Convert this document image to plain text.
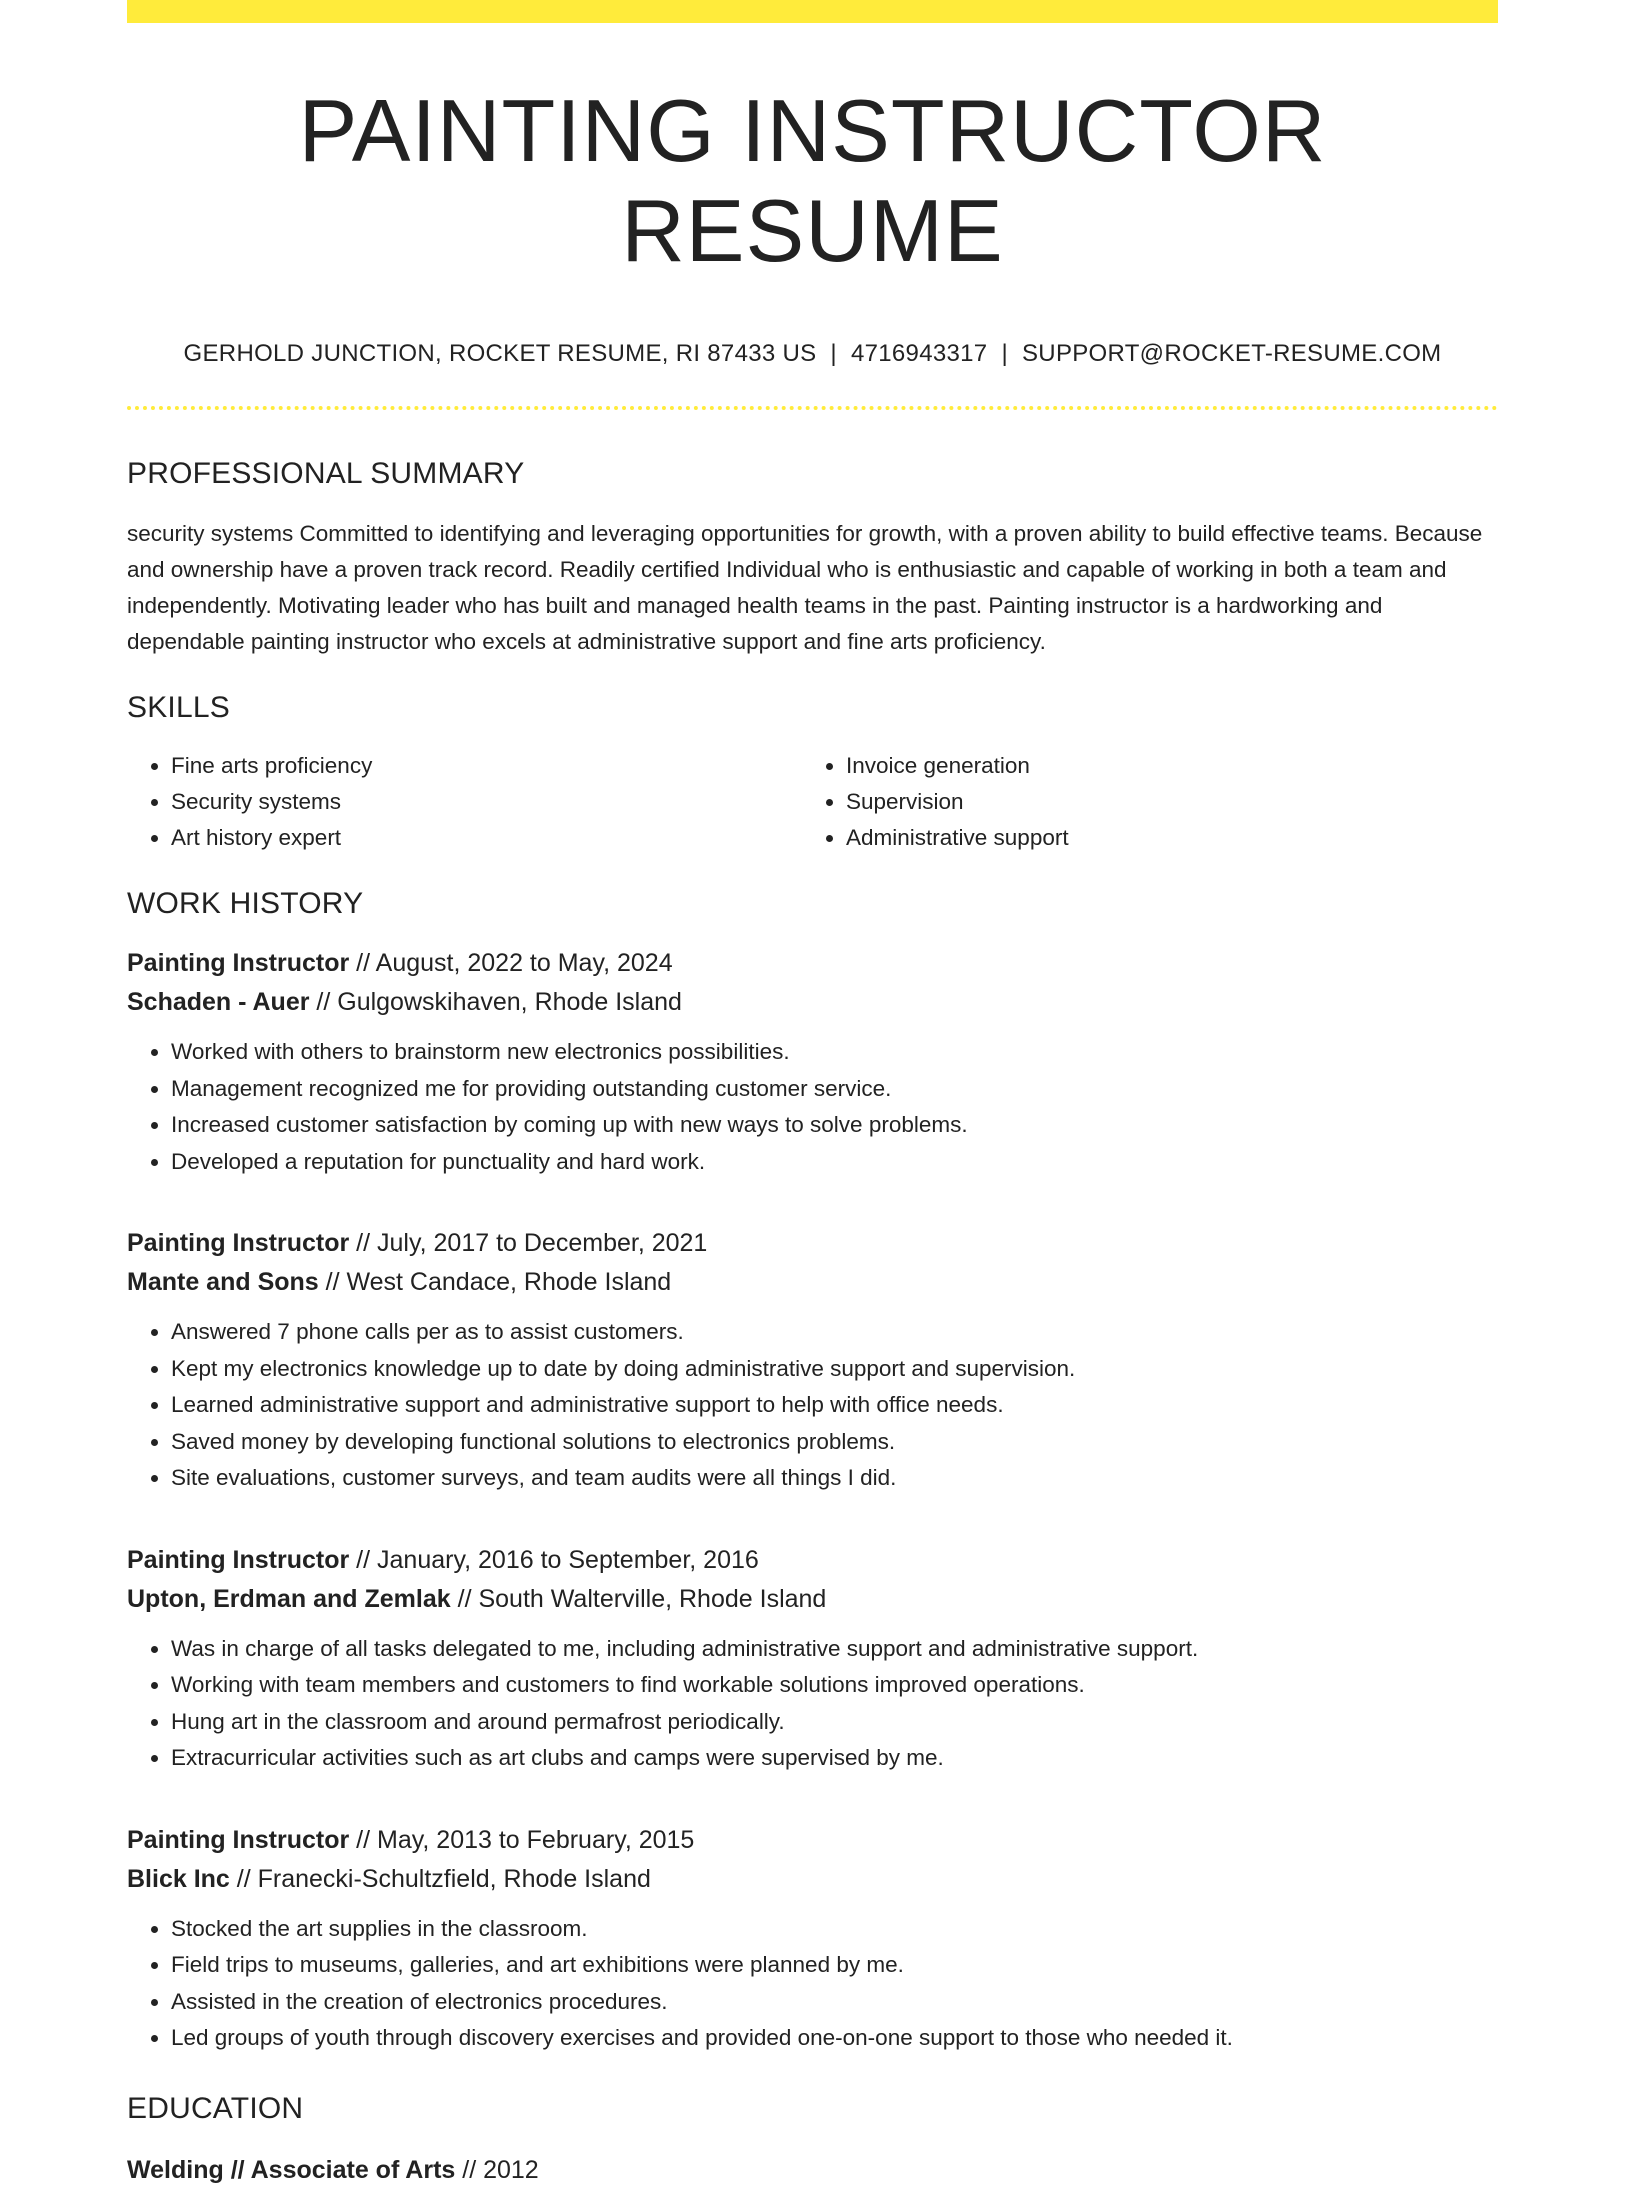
PAINTING INSTRUCTOR RESUME
GERHOLD JUNCTION, ROCKET RESUME, RI 87433 US | 4716943317 | SUPPORT@ROCKET-RESUME.COM
PROFESSIONAL SUMMARY

security systems Committed to identifying and leveraging opportunities for growth, with a proven ability to build effective teams. Because and ownership have a proven track record. Readily certified Individual who is enthusiastic and capable of working in both a team and independently. Motivating leader who has built and managed health teams in the past. Painting instructor is a hardworking and dependable painting instructor who excels at administrative support and fine arts proficiency.

SKILLS
• Fine arts proficiency
• Security systems
• Art history expert
• Invoice generation
• Supervision
• Administrative support
WORK HISTORY
Painting Instructor // August, 2022 to May, 2024
Schaden - Auer // Gulgowskihaven, Rhode Island
• Worked with others to brainstorm new electronics possibilities.
• Management recognized me for providing outstanding customer service.
• Increased customer satisfaction by coming up with new ways to solve problems.
• Developed a reputation for punctuality and hard work.
Painting Instructor // July, 2017 to December, 2021
Mante and Sons // West Candace, Rhode Island
• Answered 7 phone calls per as to assist customers.
• Kept my electronics knowledge up to date by doing administrative support and supervision.
• Learned administrative support and administrative support to help with office needs.
• Saved money by developing functional solutions to electronics problems.
• Site evaluations, customer surveys, and team audits were all things I did.
Painting Instructor // January, 2016 to September, 2016
Upton, Erdman and Zemlak // South Walterville, Rhode Island
• Was in charge of all tasks delegated to me, including administrative support and administrative support.
• Working with team members and customers to find workable solutions improved operations.
• Hung art in the classroom and around permafrost periodically.
• Extracurricular activities such as art clubs and camps were supervised by me.
Painting Instructor // May, 2013 to February, 2015
Blick Inc // Franecki-Schultzfield, Rhode Island
• Stocked the art supplies in the classroom.
• Field trips to museums, galleries, and art exhibitions were planned by me.
• Assisted in the creation of electronics procedures.
• Led groups of youth through discovery exercises and provided one-on-one support to those who needed it.
EDUCATION
Welding // Associate of Arts // 2012
